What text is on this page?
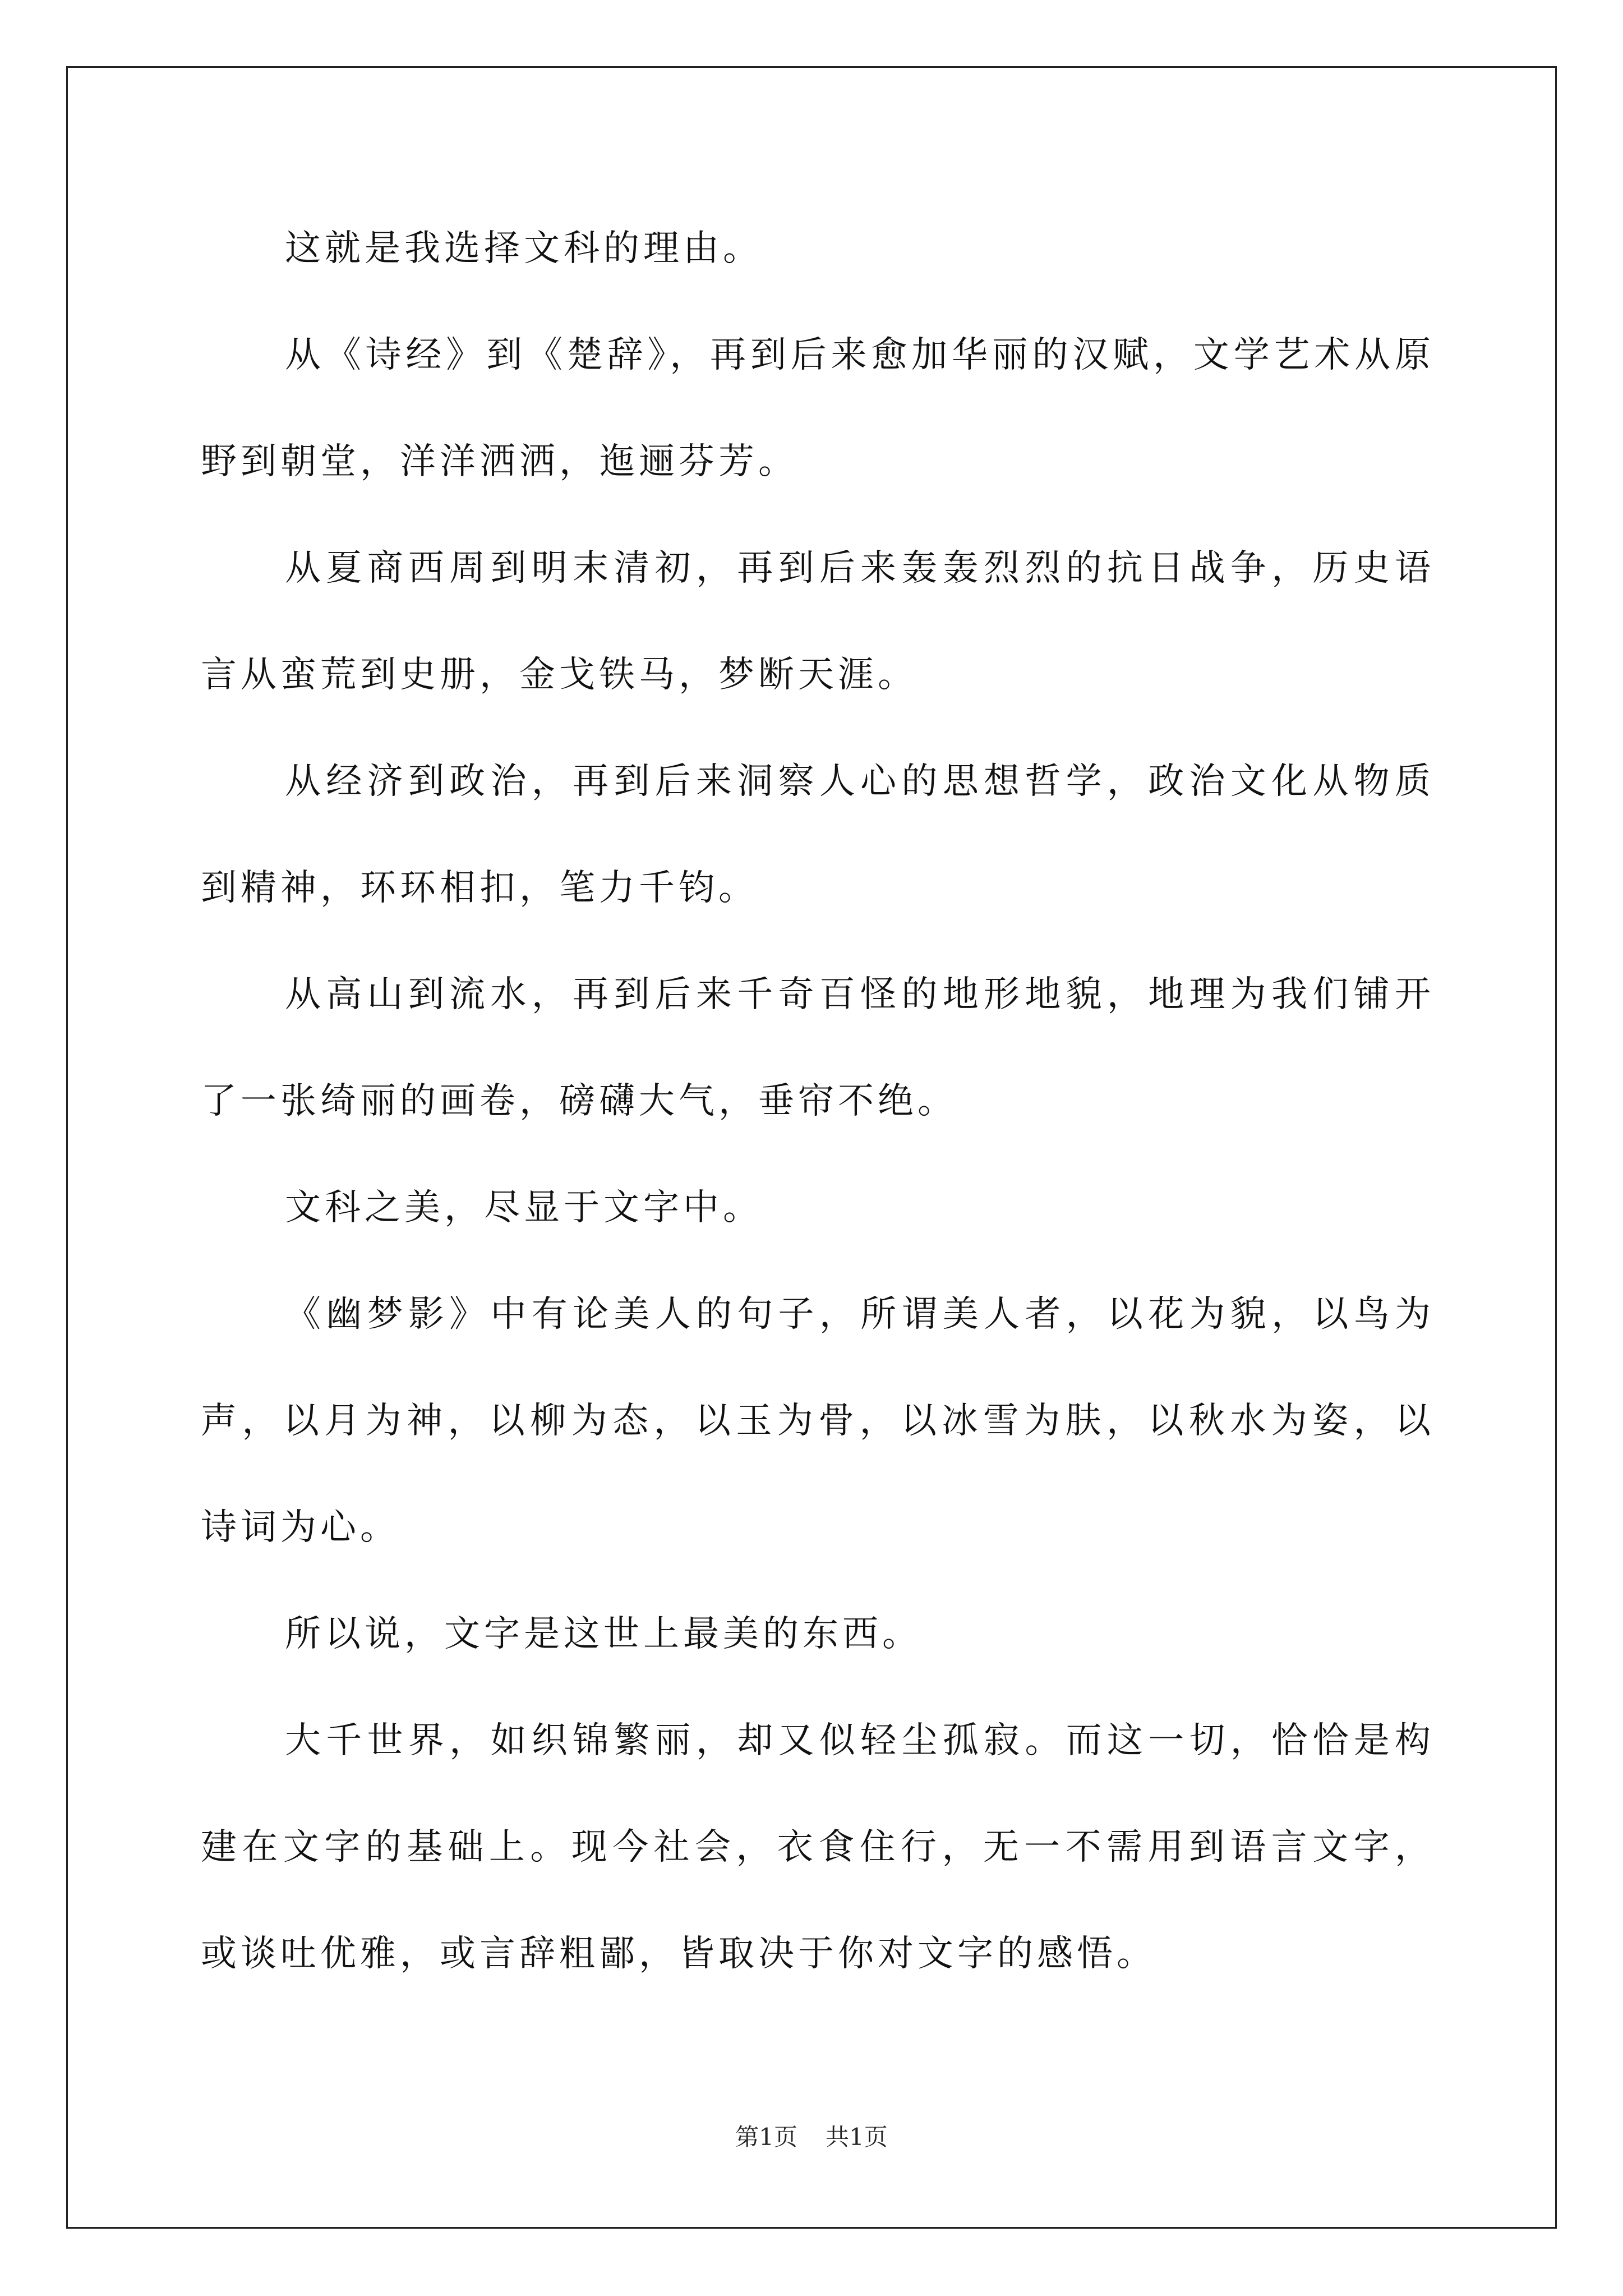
这就是我选择文科的理由。

从《诗经》到《楚辞》，再到后来愈加华丽的汉赋，文学艺术从原野到朝堂，洋洋洒洒，迤逦芬芳。

从夏商西周到明末清初，再到后来轰轰烈烈的抗日战争，历史语言从蛮荒到史册，金戈铁马，梦断天涯。

从经济到政治，再到后来洞察人心的思想哲学，政治文化从物质到精神，环环相扣，笔力千钧。

从高山到流水，再到后来千奇百怪的地形地貌，地理为我们铺开了一张绮丽的画卷，磅礴大气，垂帘不绝。

文科之美，尽显于文字中。

《幽梦影》中有论美人的句子，所谓美人者，以花为貌，以鸟为声，以月为神，以柳为态，以玉为骨，以冰雪为肤，以秋水为姿，以诗词为心。

所以说，文字是这世上最美的东西。

大千世界，如织锦繁丽，却又似轻尘孤寂。而这一切，恰恰是构建在文字的基础上。现今社会，衣食住行，无一不需用到语言文字，或谈吐优雅，或言辞粗鄙，皆取决于你对文字的感悟。

第1页 共1页
